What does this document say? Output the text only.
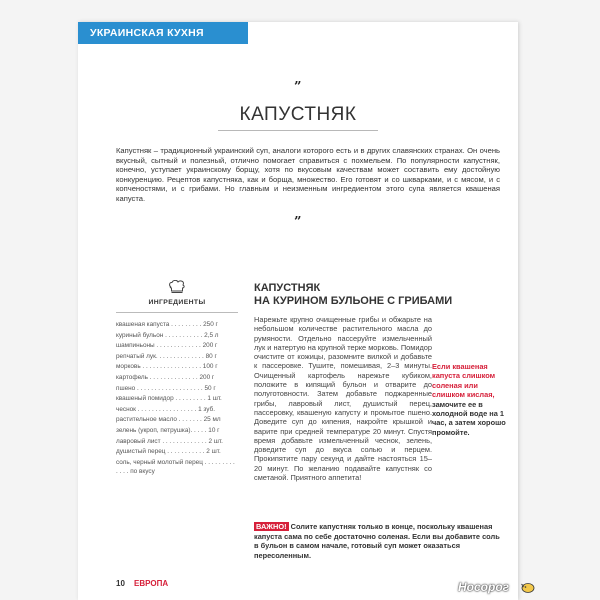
УКРАИНСКАЯ КУХНЯ
„
КАПУСТНЯК
Капустняк – традиционный украинский суп, аналоги которого есть и в других славянских странах. Он очень вкусный, сытный и полезный, отлично помогает справиться с похмельем. По популярности капустняк, конечно, уступает украинскому борщу, хотя по вкусовым качествам может составить ему достойную конкуренцию. Рецептов капустняка, как и борща, множество. Его готовят и со шкварками, и с мясом, и с копченостями, и с грибами. Но главным и неизменным ингредиентом этого супа является квашеная капуста.
„
ИНГРЕДИЕНТЫ
квашеная капуста . . . . . . . . . 250 г
куриный бульон . . . . . . . . . . . 2,5 л
шампиньоны . . . . . . . . . . . . . 200 г
репчатый лук. . . . . . . . . . . . . . 80 г
морковь . . . . . . . . . . . . . . . . . 100 г
картофель . . . . . . . . . . . . . . 200 г
пшено . . . . . . . . . . . . . . . . . . . 50 г
квашеный помидор . . . . . . . . . 1 шт.
чеснок . . . . . . . . . . . . . . . . . 1 зуб.
растительное масло . . . . . . . 25 мл
зелень (укроп, петрушка). . . . . 10 г
лавровый лист . . . . . . . . . . . . . 2 шт.
душистый перец . . . . . . . . . . . 2 шт.
соль, черный молотый перец . . . . . . . . . . . . . по вкусу
КАПУСТНЯК
НА КУРИНОМ БУЛЬОНЕ С ГРИБАМИ
Нарежьте крупно очищенные грибы и обжарьте на небольшом количестве растительного масла до румяности. Отдельно пассеруйте измельченный лук и натертую на крупной терке морковь. Помидор очистите от кожицы, разомните вилкой и добавьте к пассеровке. Тушите, помешивая, 2–3 минуты. Очищенный картофель нарежьте кубиком, положите в кипящий бульон и отварите до полуготовности. Затем добавьте поджаренные грибы, лавровый лист, душистый перец, пассеровку, квашеную капусту и промытое пшено. Доведите суп до кипения, накройте крышкой и варите при средней температуре 20 минут. Спустя время добавьте измельченный чеснок, зелень, доведите суп до вкуса солью и перцем. Прокипятите пару секунд и дайте настояться 15–20 минут. По желанию подавайте капустняк со сметаной. Приятного аппетита!
Если квашеная капуста слишком соленая или слишком кислая, замочите ее в холодной воде на 1 час, а затем хорошо промойте.
ВАЖНО! Солите капустняк только в конце, поскольку квашеная капуста сама по себе достаточно соленая. Если вы добавите соль в бульон в самом начале, готовый суп может оказаться пересоленным.
10 ЕВРОПА	Носорог
